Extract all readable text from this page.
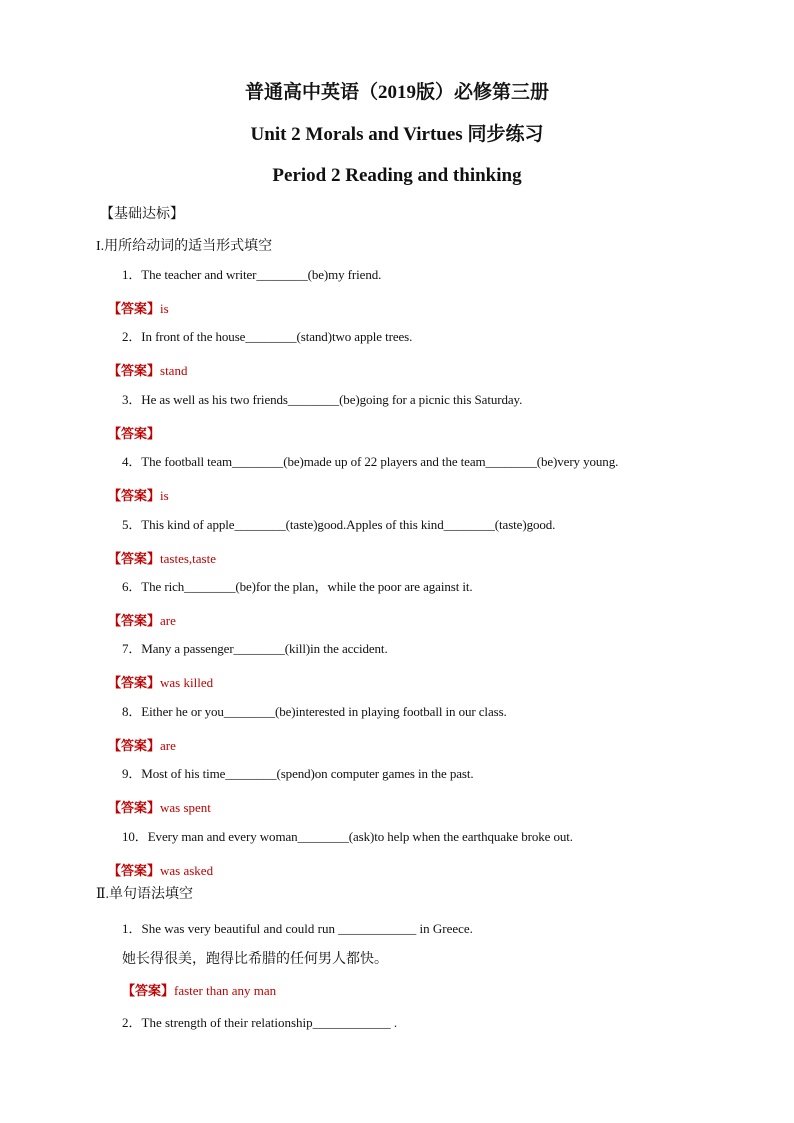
普通高中英语（2019版）必修第三册
Unit 2 Morals and Virtues 同步练习
Period 2 Reading and thinking
【基础达标】
I.用所给动词的适当形式填空
1．The teacher and writer________(be)my friend.
【答案】is
2．In front of the house________(stand)two apple trees.
【答案】stand
3．He as well as his two friends________(be)going for a picnic this Saturday.
【答案】
4．The football team________(be)made up of 22 players and the team________(be)very young.
【答案】is
5．This kind of apple________(taste)good.Apples of this kind________(taste)good.
【答案】tastes,taste
6．The rich________(be)for the plan，while the poor are against it.
【答案】are
7．Many a passenger________(kill)in the accident.
【答案】was killed
8．Either he or you________(be)interested in playing football in our class.
【答案】are
9．Most of his time________(spend)on computer games in the past.
【答案】was spent
10．Every man and every woman________(ask)to help when the earthquake broke out.
【答案】was asked
Ⅱ.单句语法填空
1．She was very beautiful and could run ____________ in Greece.
她长得很美，跑得比希腊的任何男人都快。
【答案】faster than any man
2．The strength of their relationship____________ .
